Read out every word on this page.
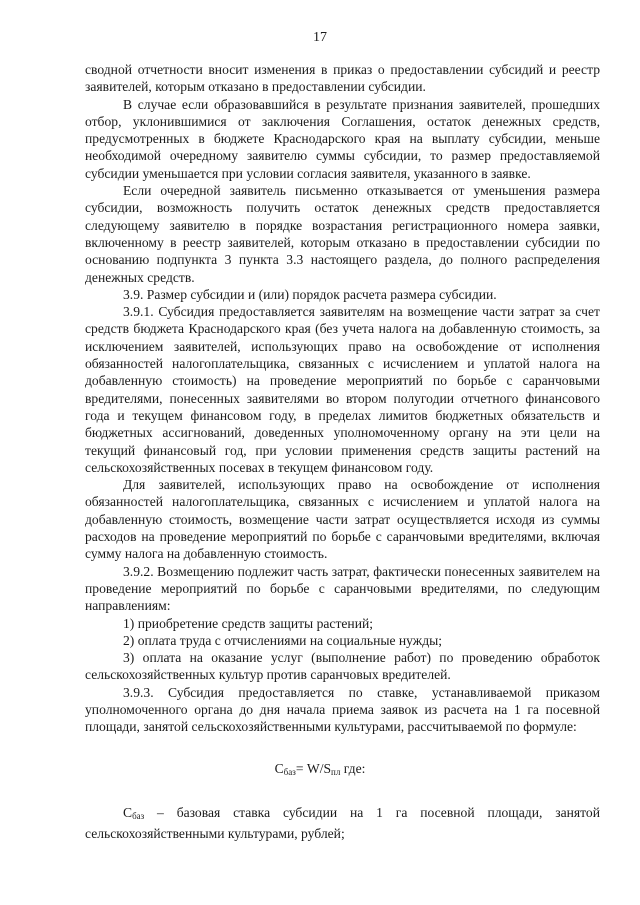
17

сводной отчетности вносит изменения в приказ о предоставлении субсидий и реестр заявителей, которым отказано в предоставлении субсидии.

В случае если образовавшийся в результате признания заявителей, прошедших отбор, уклонившимися от заключения Соглашения, остаток денежных средств, предусмотренных в бюджете Краснодарского края на выплату субсидии, меньше необходимой очередному заявителю суммы субсидии, то размер предоставляемой субсидии уменьшается при условии согласия заявителя, указанного в заявке.

Если очередной заявитель письменно отказывается от уменьшения размера субсидии, возможность получить остаток денежных средств предоставляется следующему заявителю в порядке возрастания регистрационного номера заявки, включенному в реестр заявителей, которым отказано в предоставлении субсидии по основанию подпункта 3 пункта 3.3 настоящего раздела, до полного распределения денежных средств.

3.9. Размер субсидии и (или) порядок расчета размера субсидии.

3.9.1. Субсидия предоставляется заявителям на возмещение части затрат за счет средств бюджета Краснодарского края (без учета налога на добавленную стоимость, за исключением заявителей, использующих право на освобождение от исполнения обязанностей налогоплательщика, связанных с исчислением и уплатой налога на добавленную стоимость) на проведение мероприятий по борьбе с саранчовыми вредителями, понесенных заявителями во втором полугодии отчетного финансового года и текущем финансовом году, в пределах лимитов бюджетных обязательств и бюджетных ассигнований, доведенных уполномоченному органу на эти цели на текущий финансовый год, при условии применения средств защиты растений на сельскохозяйственных посевах в текущем финансовом году.

Для заявителей, использующих право на освобождение от исполнения обязанностей налогоплательщика, связанных с исчислением и уплатой налога на добавленную стоимость, возмещение части затрат осуществляется исходя из суммы расходов на проведение мероприятий по борьбе с саранчовыми вредителями, включая сумму налога на добавленную стоимость.

3.9.2. Возмещению подлежит часть затрат, фактически понесенных заявителем на проведение мероприятий по борьбе с саранчовыми вредителями, по следующим направлениям:

1) приобретение средств защиты растений;

2) оплата труда с отчислениями на социальные нужды;

3) оплата на оказание услуг (выполнение работ) по проведению обработок сельскохозяйственных культур против саранчовых вредителей.

3.9.3. Субсидия предоставляется по ставке, устанавливаемой приказом уполномоченного органа до дня начала приема заявок из расчета на 1 га посевной площади, занятой сельскохозяйственными культурами, рассчитываемой по формуле:

$С_{баз}= W/S_{пл}$ где:

$С_{баз}$ – базовая ставка субсидии на 1 га посевной площади, занятой сельскохозяйственными культурами, рублей;
